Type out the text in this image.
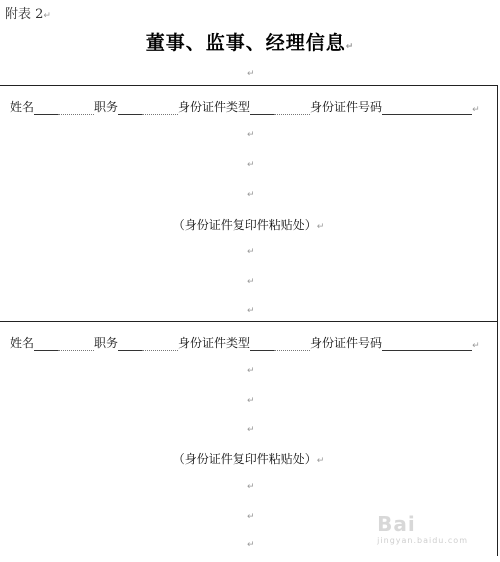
附表 2↵
董事、监事、经理信息↵
↵
姓名	职务	身份证件类型	身份证件号码	↵
↵
↵
↵
（身份证件复印件粘贴处）↵
↵
↵
↵
姓名	职务	身份证件类型	身份证件号码	↵
↵
↵
↵
（身份证件复印件粘贴处）↵
↵
↵
↵
Bai
jingyan.baidu.com
